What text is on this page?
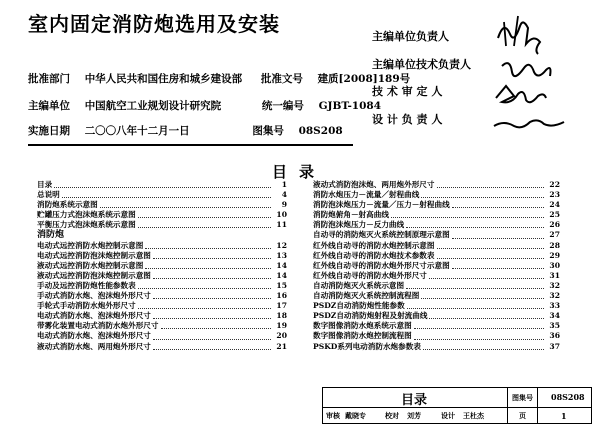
室内固定消防炮选用及安装
批准部门 中华人民共和国住房和城乡建设部 批准文号 建质[2008]189号
主编单位 中国航空工业规划设计研究院	统一编号 GJBT-1084
实施日期 二〇〇八年十二月一日	图集号 08S208
主编单位负责人
主编单位技术负责人
技 术 审 定 人
设 计 负 责 人
目录
目录	1
总说明	4
消防炮系统示意图	9
贮罐压力式泡沫炮系统示意图	10
平衡压力式泡沫炮系统示意图	11
消防炮
电动式远控消防水炮控制示意图	12
电动式远控消防泡沫炮控制示意图	13
液动式远控消防水炮控制示意图	14
液动式远控消防泡沫炮控制示意图	14
手动及远控消防炮性能参数表	15
手动式消防水炮、泡沫炮外形尺寸	16
手轮式手动消防水炮外形尺寸	17
电动式消防水炮、泡沫炮外形尺寸	18
带雾化装置电动式消防水炮外形尺寸	19
电动式消防水炮、泡沫炮外形尺寸	20
液动式消防水炮、两用炮外形尺寸	21
液动式消防泡沫炮、两用炮外形尺寸	22
消防水炮压力－流量／射程曲线	23
消防泡沫炮压力－流量／压力－射程曲线	24
消防炮俯角－射高曲线	25
消防泡沫炮压力－反力曲线	26
自动寻的消防炮灭火系统控制原理示意图	27
红外线自动寻的消防水炮控制示意图	28
红外线自动寻的消防水炮技术参数表	29
红外线自动寻的消防水炮外形尺寸示意图	30
红外线自动寻的消防水炮外形尺寸	31
自动消防炮灭火系统示意图	32
自动消防炮灭火系统控制流程图	32
PSDZ自动消防炮性能参数	33
PSDZ自动消防炮射程及射流曲线	34
数字图像消防水炮系统示意图	35
数字图像消防水炮控制流程图	36
PSKD系列电动消防水炮参数表	37
目录	图集号 08S208
审核 戴晓专	校对 刘芳	设计 王杜杰	页	1
